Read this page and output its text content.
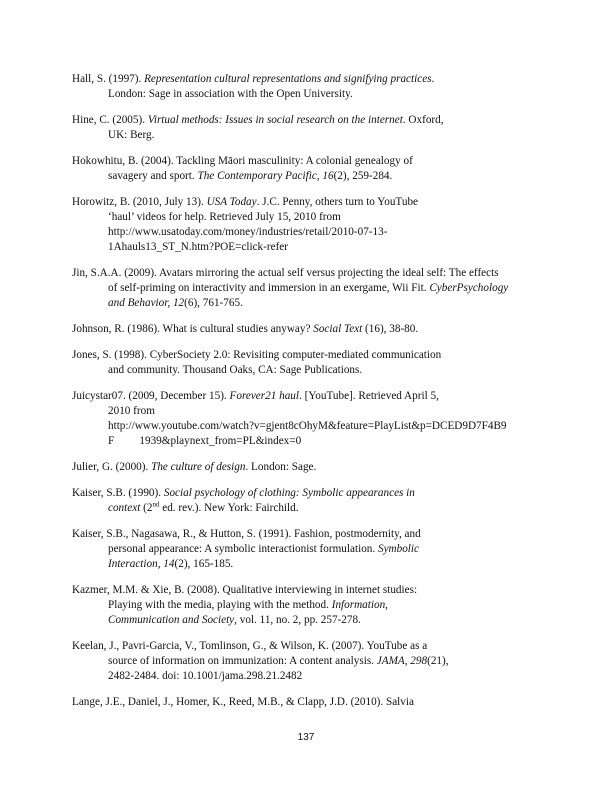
Hall, S. (1997). Representation cultural representations and signifying practices.
London: Sage in association with the Open University.
Hine, C. (2005). Virtual methods: Issues in social research on the internet. Oxford,
UK: Berg.
Hokowhitu, B. (2004). Tackling Māori masculinity: A colonial genealogy of
savagery and sport. The Contemporary Pacific, 16(2), 259-284.
Horowitz, B. (2010, July 13). USA Today. J.C. Penny, others turn to YouTube
‘haul’ videos for help. Retrieved July 15, 2010 from
http://www.usatoday.com/money/industries/retail/2010-07-13-
1Ahauls13_ST_N.htm?POE=click-refer
Jin, S.A.A. (2009). Avatars mirroring the actual self versus projecting the ideal self: The effects
of self-priming on interactivity and immersion in an exergame, Wii Fit. CyberPsychology
and Behavior, 12(6), 761-765.
Johnson, R. (1986). What is cultural studies anyway? Social Text (16), 38-80.
Jones, S. (1998). CyberSociety 2.0: Revisiting computer-mediated communication
and community. Thousand Oaks, CA: Sage Publications.
Juicystar07. (2009, December 15). Forever21 haul. [YouTube]. Retrieved April 5,
2010 from
http://www.youtube.com/watch?v=gjent8cOhyM&feature=PlayList&p=DCED9D7F4B9
F         1939&playnext_from=PL&index=0
Julier, G. (2000). The culture of design. London: Sage.
Kaiser, S.B. (1990). Social psychology of clothing: Symbolic appearances in
context (2nd ed. rev.). New York: Fairchild.
Kaiser, S.B., Nagasawa, R., & Hutton, S. (1991). Fashion, postmodernity, and
personal appearance: A symbolic interactionist formulation. Symbolic
Interaction, 14(2), 165-185.
Kazmer, M.M. & Xie, B. (2008). Qualitative interviewing in internet studies:
Playing with the media, playing with the method. Information,
Communication and Society, vol. 11, no. 2, pp. 257-278.
Keelan, J., Pavri-Garcia, V., Tomlinson, G., & Wilson, K. (2007). YouTube as a
source of information on immunization: A content analysis. JAMA, 298(21),
2482-2484. doi: 10.1001/jama.298.21.2482
Lange, J.E., Daniel, J., Homer, K., Reed, M.B., & Clapp, J.D. (2010). Salvia
137
